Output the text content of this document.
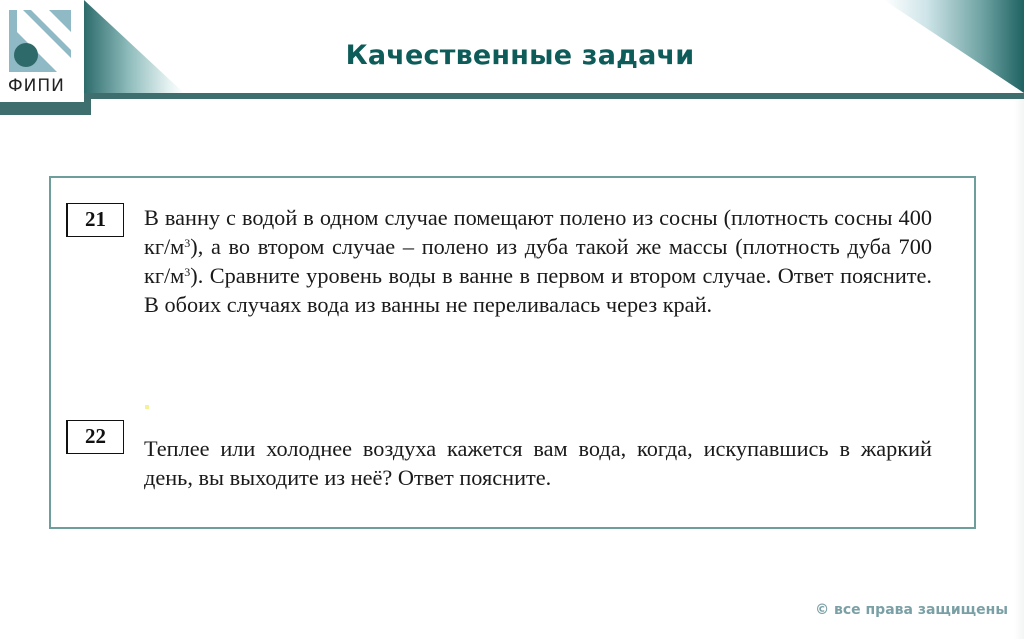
ФИПИ
Качественные задачи
21	В ванну с водой в одном случае помещают полено из сосны (плотность сосны 400 $кг/м^3$), а во втором случае – полено из дуба такой же массы (плотность дуба 700 $кг/м^3$). Сравните уровень воды в ванне в первом и втором случае. Ответ поясните. В обоих случаях вода из ванны не переливалась через край.
22	Теплее или холоднее воздуха кажется вам вода, когда, искупавшись в жаркий день, вы выходите из неё? Ответ поясните.
© все права защищены
